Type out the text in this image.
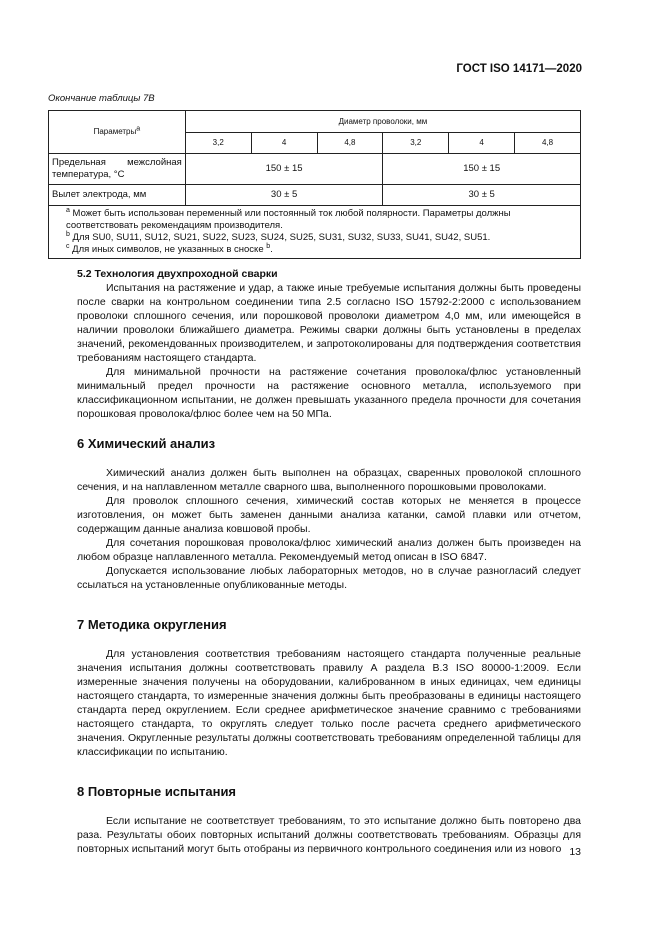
ГОСТ ISO 14171—2020
Окончание таблицы 7B
Параметры$^a$	Диаметр проволоки, мм					
	3,2	4	4,8	3,2	4	4,8
Предельная межслойная температура, °C	150 ± 15			150 ± 15		
Вылет электрода, мм	30 ± 5			30 ± 5		

$^a$ Может быть использован переменный или постоянный ток любой полярности. Параметры должны соответствовать рекомендациям производителя.
$^b$ Для SU0, SU11, SU12, SU21, SU22, SU23, SU24, SU25, SU31, SU32, SU33, SU41, SU42, SU51.
$^c$ Для иных символов, не указанных в сноске $^b$.						

5.2 Технология двухпроходной сварки

Испытания на растяжение и удар, а также иные требуемые испытания должны быть проведены после сварки на контрольном соединении типа 2.5 согласно ISO 15792-2:2000 с использованием проволоки сплошного сечения, или порошковой проволоки диаметром 4,0 мм, или имеющейся в наличии проволоки ближайшего диаметра. Режимы сварки должны быть установлены в пределах значений, рекомендованных производителем, и запротоколированы для подтверждения соответствия требованиям настоящего стандарта.

Для минимальной прочности на растяжение сочетания проволока/флюс установленный минимальный предел прочности на растяжение основного металла, используемого при классификационном испытании, не должен превышать указанного предела прочности для сочетания порошковая проволока/флюс более чем на 50 МПа.

6 Химический анализ

Химический анализ должен быть выполнен на образцах, сваренных проволокой сплошного сечения, и на наплавленном металле сварного шва, выполненного порошковыми проволоками.

Для проволок сплошного сечения, химический состав которых не меняется в процессе изготовления, он может быть заменен данными анализа катанки, самой плавки или отчетом, содержащим данные анализа ковшовой пробы.

Для сочетания порошковая проволока/флюс химический анализ должен быть произведен на любом образце наплавленного металла. Рекомендуемый метод описан в ISO 6847.

Допускается использование любых лабораторных методов, но в случае разногласий следует ссылаться на установленные опубликованные методы.

7 Методика округления

Для установления соответствия требованиям настоящего стандарта полученные реальные значения испытания должны соответствовать правилу А раздела В.3 ISO 80000-1:2009. Если измеренные значения получены на оборудовании, калиброванном в иных единицах, чем единицы настоящего стандарта, то измеренные значения должны быть преобразованы в единицы настоящего стандарта перед округлением. Если среднее арифметическое значение сравнимо с требованиями настоящего стандарта, то округлять следует только после расчета среднего арифметического значения. Округленные результаты должны соответствовать требованиям определенной таблицы для классификации по испытанию.

8 Повторные испытания

Если испытание не соответствует требованиям, то это испытание должно быть повторено два раза. Результаты обоих повторных испытаний должны соответствовать требованиям. Образцы для повторных испытаний могут быть отобраны из первичного контрольного соединения или из нового 13
